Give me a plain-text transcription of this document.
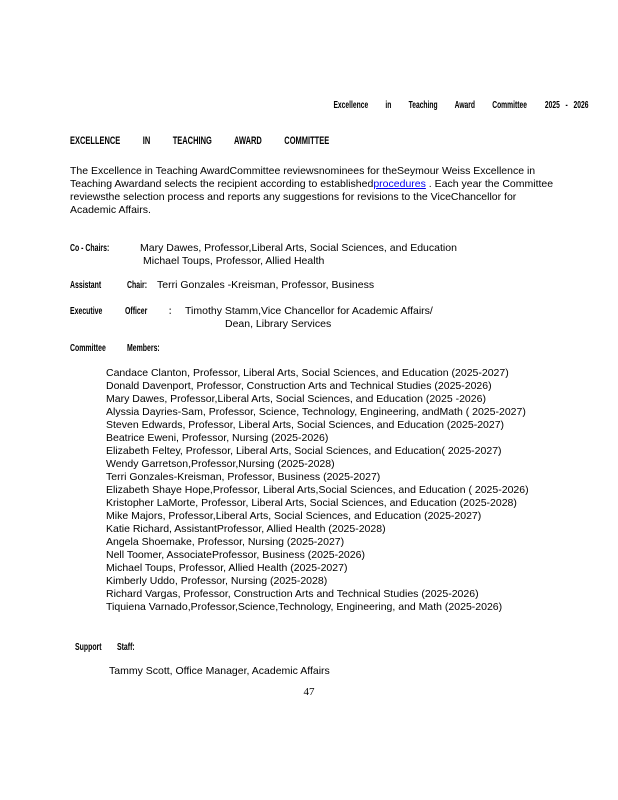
Excellence in Teaching Award Committee 2025 - 2026
EXCELLENCE IN TEACHING AWARD COMMITTEE
The Excellence in Teaching AwardCommittee reviewsnominees for theSeymour Weiss Excellence in
Teaching Awardand selects the recipient according to establishedprocedures . Each year the Committee
reviewsthe selection process and reports any suggestions for revisions to the ViceChancellor for
Academic Affairs.
Co - Chairs:	Mary Dawes, Professor,Liberal Arts, Social Sciences, and Education
Michael Toups, Professor, Allied Health
Assistant	Chair: Terri Gonzales -Kreisman, Professor, Business
Executive	Officer	: Timothy Stamm,Vice Chancellor for Academic Affairs/
Dean, Library Services
Committee	Members:
Candace Clanton, Professor, Liberal Arts, Social Sciences, and Education (2025-2027)
Donald Davenport, Professor, Construction Arts and Technical Studies (2025-2026)
Mary Dawes, Professor,Liberal Arts, Social Sciences, and Education (2025 -2026)
Alyssia Dayries-Sam, Professor, Science, Technology, Engineering, andMath ( 2025-2027)
Steven Edwards, Professor, Liberal Arts, Social Sciences, and Education (2025-2027)
Beatrice Eweni, Professor, Nursing (2025-2026)
Elizabeth Feltey, Professor, Liberal Arts, Social Sciences, and Education( 2025-2027)
Wendy Garretson,Professor,Nursing (2025-2028)
Terri Gonzales-Kreisman, Professor, Business (2025-2027)
Elizabeth Shaye Hope,Professor, Liberal Arts,Social Sciences, and Education ( 2025-2026)
Kristopher LaMorte, Professor, Liberal Arts, Social Sciences, and Education (2025-2028)
Mike Majors, Professor,Liberal Arts, Social Sciences, and Education (2025-2027)
Katie Richard, AssistantProfessor, Allied Health (2025-2028)
Angela Shoemake, Professor, Nursing (2025-2027)
Nell Toomer, AssociateProfessor, Business (2025-2026)
Michael Toups, Professor, Allied Health (2025-2027)
Kimberly Uddo, Professor, Nursing (2025-2028)
Richard Vargas, Professor, Construction Arts and Technical Studies (2025-2026)
Tiquiena Varnado,Professor,Science,Technology, Engineering, and Math (2025-2026)
Support	Staff:
Tammy Scott, Office Manager, Academic Affairs
47
